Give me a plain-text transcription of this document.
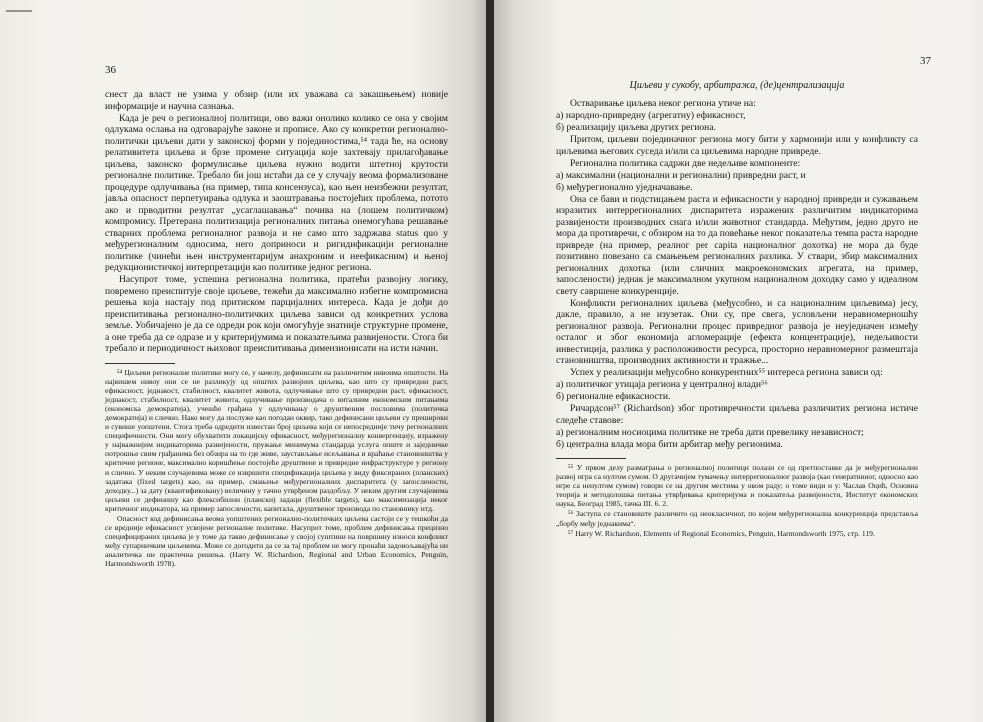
36

снест да власт не узима у обзир (или их уважава са закашњењем) новије информације и научна сазнања.

Када је реч о регионалној политици, ово важи онолико колико се она у својим одлукама ослања на одговарајуће законе и прописе. Ако су конкретни регионално-политички циљеви дати у законској форми у појединостима,⁵⁴ тада ће, на основу релативитета циљева и брзе промене ситуација које захтевају прилагођавање циљева, законско формулисање циљева нужно водити штетној крутости регионалне политике. Требало би још истаћи да се у случају веома формализоване процедуре одлучивања (на пример, типа консензуса), као њен неизбежни резултат, јавља опасност перпетуирања одлука и заоштравања постојећих проблема, потото ако и прводитни резултат „усаглашавања“ почива на (лошем политичком) компромису. Претерана политизација регионалних питања онемогућава решавање стварних проблема регионалног развоја и не само што задржава status quo у међурегионалним односима, него доприноси и ригидификацији регионалне политике (чинећи њен инструментаријум анахроним и неефикасним) и њеној редукционистичкој интерпретацији као политике једног региона.

Насупрот томе, успешна регионална политика, пратећи развојну логику, повремено преиспитује своје циљеве, тежећи да максимално избегне компромисна решења која настају под притиском парцијалних интереса. Када је дођи до преиспитивања регионално-политичких циљева зависи од конкретних услова земље. Уобичајено је да се одреди рок који омогућује знатније структурне промене, а оне треба да се одразе и у критеријумима и показатељима развијености. Стога би требало и периодичност њиховог преиспитивања димензионисати на исти начин.

⁵⁴ Циљеви регионалне политике могу се, у начелу, дефинисати на различитим нивоима општости. На највишем нивоу они се не разликују од општих развојних циљева, као што су привредни раст, ефикасност, једнакост, стабилност, квалитет живота, одлучивање што су привредни раст, ефикасност, једнакост, стабилност, квалитет живота, одлучивање производача о виталним економским питањима (економска демократија), учешће грађана у одлучивању о друштвеним пословима (политичка демократија) и слично. Нако могу да послуже као погодан оквир, тако дефинисани циљеви су прешироки и сувише уопштени. Стога треба одредити известан број циљева који се непосредније тичу регионалних специфичности. Они могу обухватити локацијску ефикасност, међурегионалну конвергенцију, изражену у најважнијим индикаторима развијености, пружање минимума стандарда услуга опште и заједничке потрошње свим грађанима без обзира на то где живе, заустављање исељавања и враћање становништва у критичне регионе, максимално коришћење постојеће друштвене и привредне инфраструктуре у региону и слично. У неким случајевима може се извршити спецификација циљева у виду фиксираних (планских) задатака (fixed targets) као, на пример, смањење међурегионалних диспаритета (у запослености, доходку...) за дату (квантификовану) величину у тачно утврђеном раздобљу. У неким другим случајевима циљеви се дефинишу као флексибилни (плански) задаци (flexible targets), као максимизација неког критичног индикатора, на пример запослености, капитала, друштвеног производа по становнику итд.

Опасност код дефинисања веома уопштених регионално-политичких циљева састоји се у тешкоћи да се вредније ефикасност усвојене регионалне политике. Насупрот томе, проблем дефинисања прецизно специфицираних циљева је у томе да такво дефинисање у својој суштини на површину износи конфликт међу супарничким циљевима. Може се догодити да се за тај проблем не могу пронаћи задовољавајућа ни аналитичка ни практична решења. (Harry W. Richardson, Regional and Urban Economics, Penguin, Harmondsworth 1978).

37

Циљеви у сукобу, арбитража, (де)централизација

Остваривање циљева неког региона утиче на:

а) народно-привредну (агрегатну) ефикасност,

б) реализацију циљева других региона.

Притом, циљеви појединачног региона могу бити у хармонији или у конфликту са циљевима његових суседа и/или са циљевима народне привреде.

Регионална политика садржи две недељиве компоненте:

а) максимални (национални и регионални) привредни раст, и

б) међурегионално уједначавање.

Она се бави и подстицањем раста и ефикасности у народној привреди и сужавањем изразитих интеррегионалних диспаритета изражених различитим индикаторима развијености производних снага и/или животног стандарда. Међутим, једно друго не мора да противречи, с обзиром на то да повећање неког показатеља темпа раста народне привреде (на пример, реалног per capita националног дохотка) не мора да буде позитивно повезано са смањењем регионалних разлика. У ствари, збир максималних регионалних дохотка (или сличних макроекономских агрегата, на пример, запослености) једнак је максималном укупном националном доходку само у идеалном свету савршене конкуренције.

Конфликти регионалних циљева (међусобно, и са националним циљевима) јесу, дакле, правило, а не изузетак. Они су, пре свега, условљени неравномерношћу регионалног развоја. Регионални процес привредног развоја је неуједначен између осталог и због економија агломерације (ефекта концентрације), недељивости инвестиција, разлика у расположивости ресурса, просторно неравномерног размештаја становништва, производних активности и тражње...

Успех у реализацији међусобно конкурентних⁵⁵ интереса региона зависи од:

а) политичког утицаја региона у централној влади⁵⁶

б) регионалне ефикасности.

Ричардсон⁵⁷ (Richardson) због противречности циљева различитих региона истиче следеће ставове:

а) регионалним носиоцима политике не треба дати превелику независност;

б) централна влада мора бити арбитар међу регионима.

⁵⁵ У првом делу разматрања о регионалној политици полази се од претпоставке да је међурегионални развој игра са нултом сумом. О другачијем тумачењу интеррегионалног развоја (као генеративног, односно као игре са ненултом сумом) говори се на другим местима у овом раду; о томе види и у: Часлав Оцић, Основна теорија и методолошка питања утврђивања критеријума и показатеља развијености, Институт економских наука, Београд 1985, тачка III. 6. 2.

⁵⁶ Заступа се становиште различито од неокласичног, по којем међурегионална конкуренција представља „борбу међу једнакима“.

⁵⁷ Harry W. Richardson, Elements of Regional Economics, Penguin, Harmondsworth 1975, стр. 119.
